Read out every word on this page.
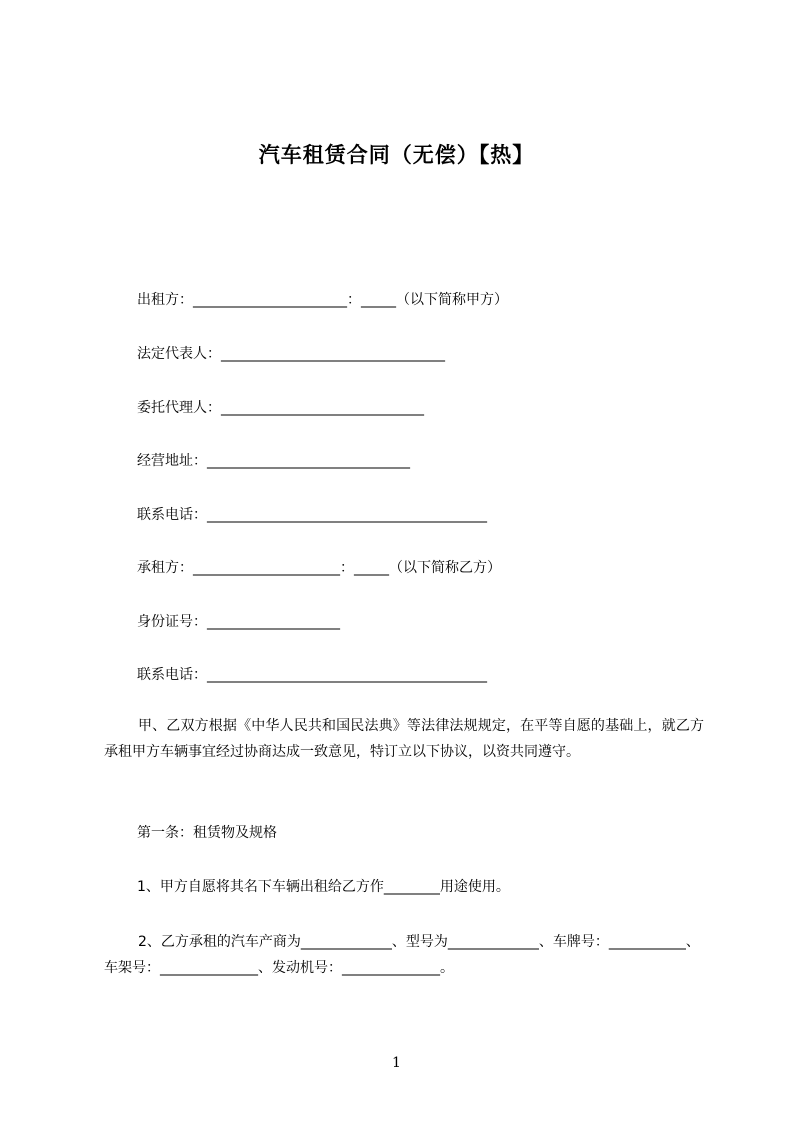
汽车租赁合同（无偿）【热】
出租方：______________________：_____（以下简称甲方）
法定代表人：________________________________
委托代理人：_____________________________
经营地址：_____________________________
联系电话：________________________________________
承租方：_____________________：_____（以下简称乙方）
身份证号：___________________
联系电话：________________________________________
甲、乙双方根据《中华人民共和国民法典》等法律法规规定，在平等自愿的基础上，就乙方承租甲方车辆事宜经过协商达成一致意见，特订立以下协议，以资共同遵守。
第一条：租赁物及规格
1、甲方自愿将其名下车辆出租给乙方作________用途使用。
2、乙方承租的汽车产商为_____________、型号为_____________、车牌号：___________、车架号：______________、发动机号：______________。
1
